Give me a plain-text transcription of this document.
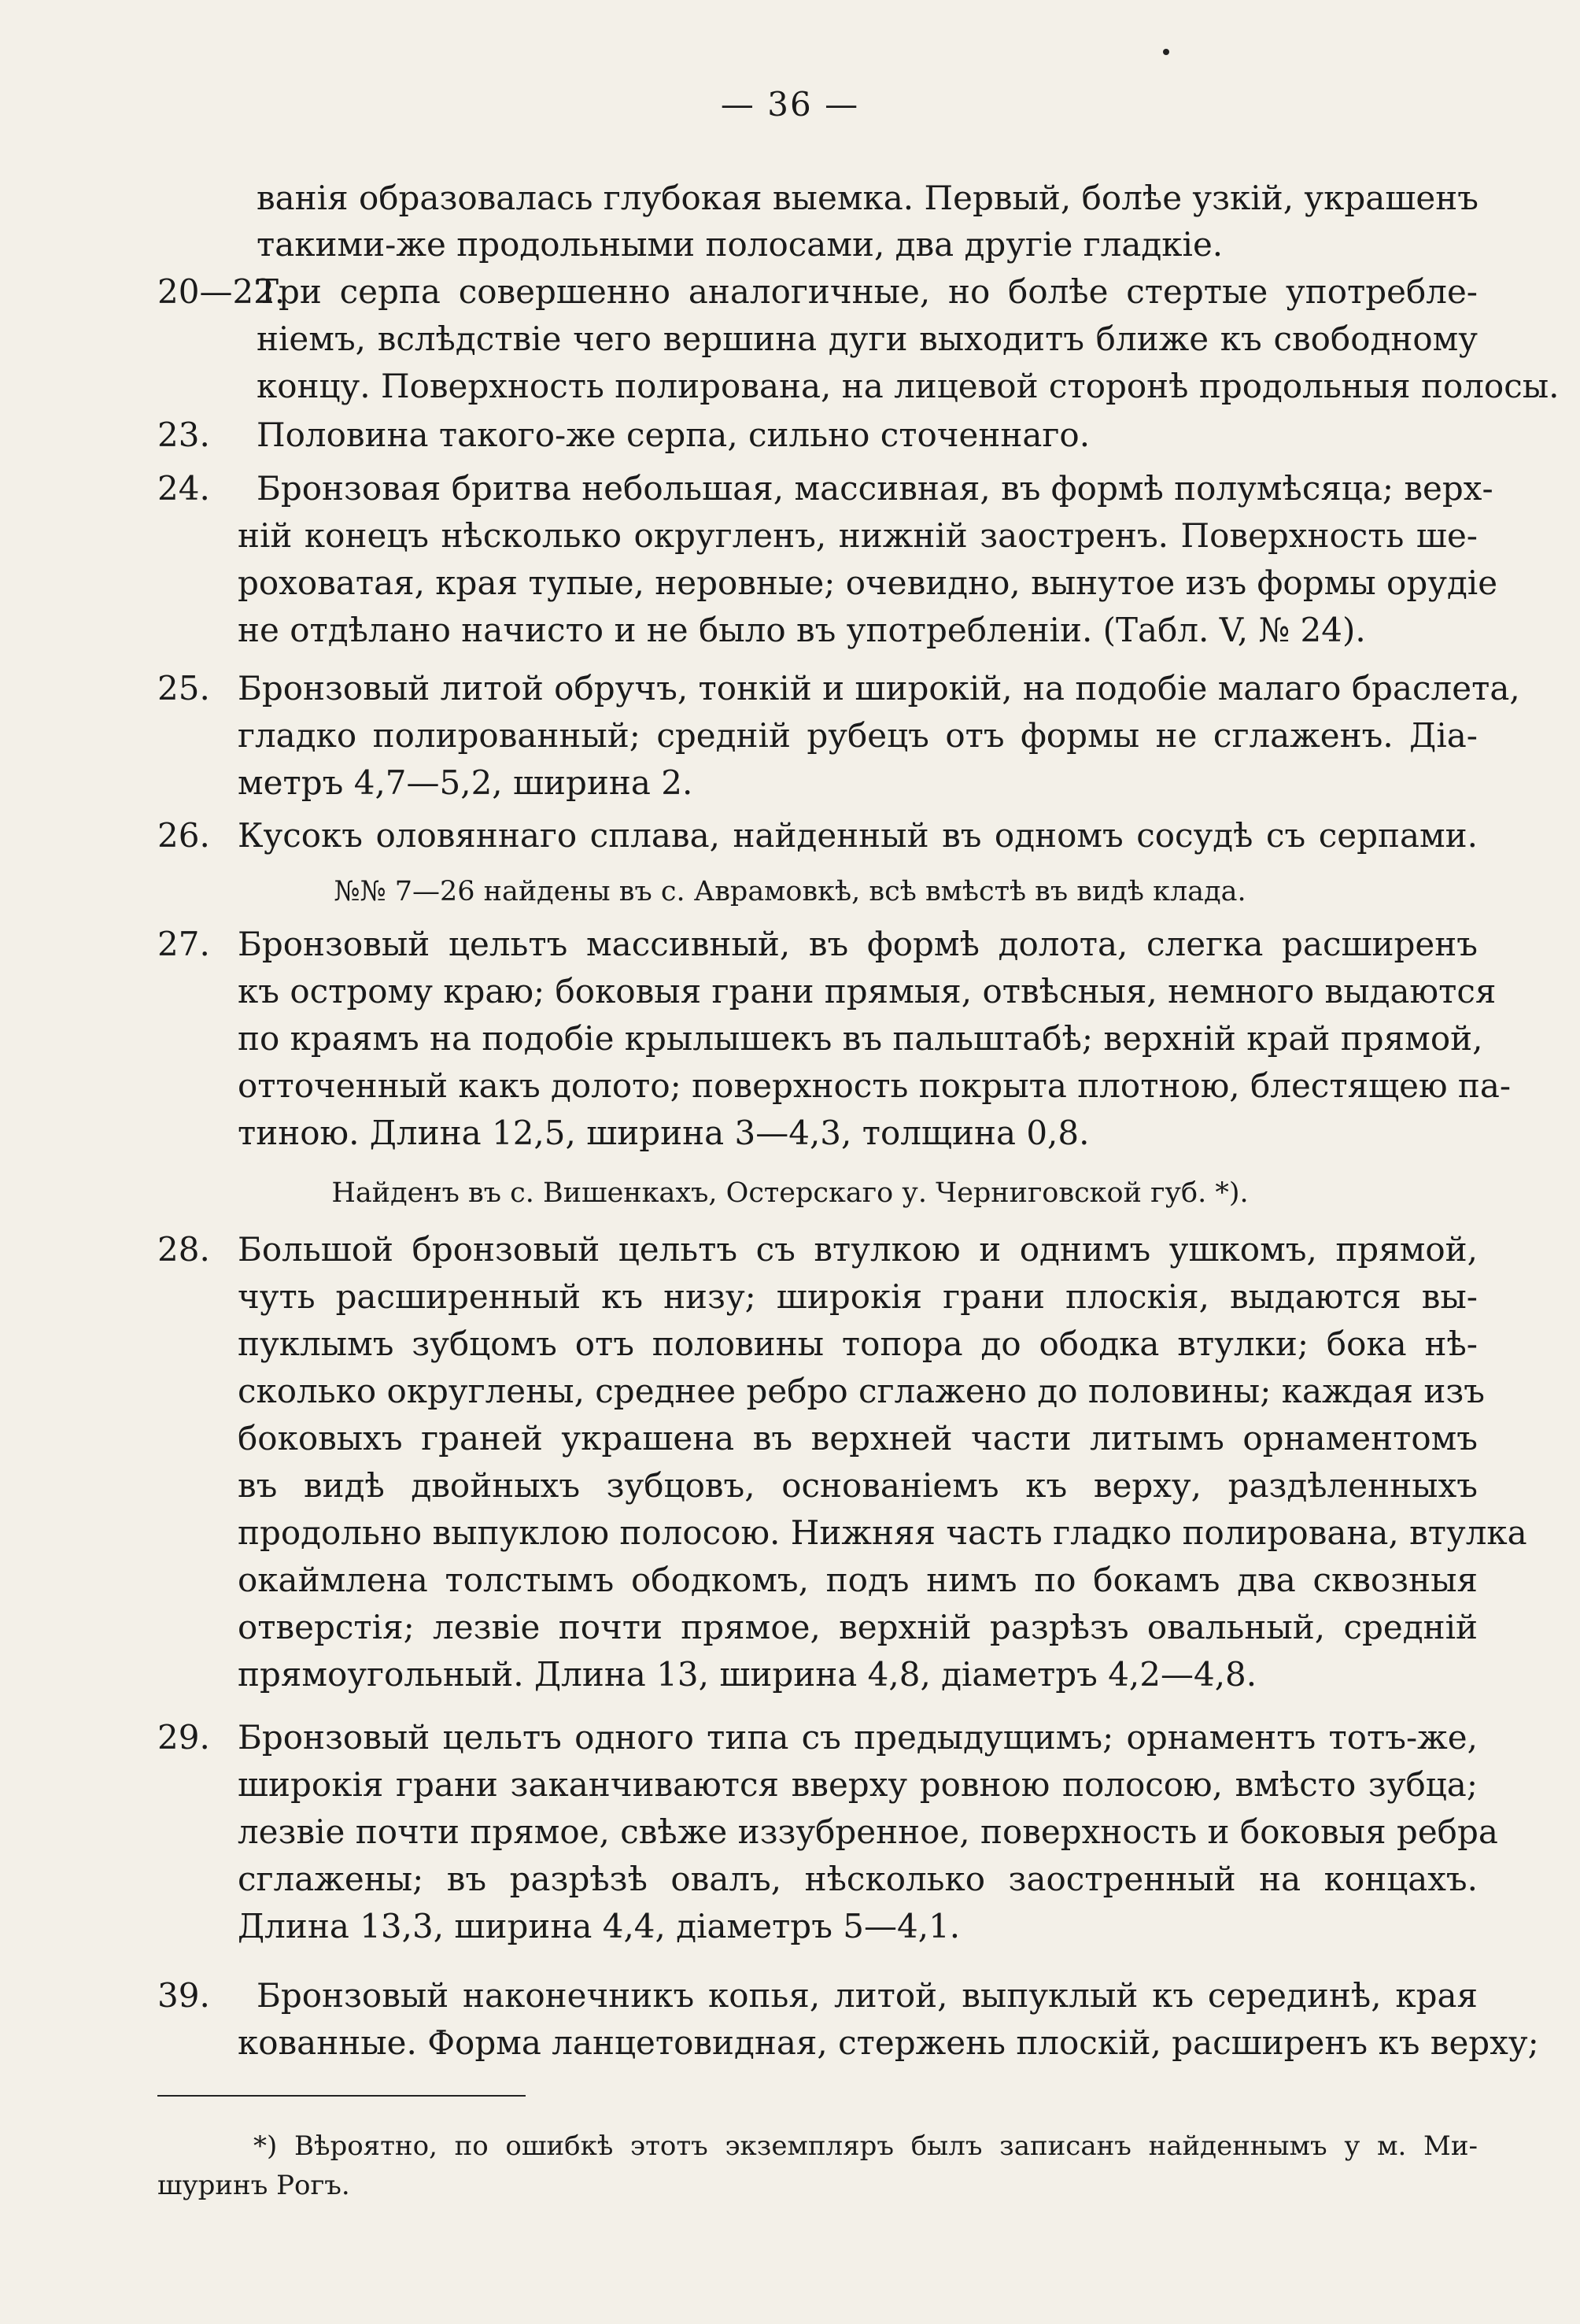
— 36 —
ванія образовалась глубокая выемка. Первый, болѣе узкій, украшенъ
такими-же продольными полосами, два другіе гладкіе.
20—22.
Три серпа совершенно аналогичные, но болѣе стертые употребле-
ніемъ, вслѣдствіе чего вершина дуги выходитъ ближе къ свободному
концу. Поверхность полирована, на лицевой сторонѣ продольныя полосы.
23. Половина такого-же серпа, сильно сточеннаго.
24. Бронзовая бритва небольшая, массивная, въ формѣ полумѣсяца; верх-
ній конецъ нѣсколько округленъ, нижній заостренъ. Поверхность ше-
роховатая, края тупые, неровные; очевидно, вынутое изъ формы орудіе
не отдѣлано начисто и не было въ употребленіи. (Табл. V, № 24).
25. Бронзовый литой обручъ, тонкій и широкій, на подобіе малаго браслета,
гладко полированный; средній рубецъ отъ формы не сглаженъ. Діа-
метръ 4,7—5,2, ширина 2.
26. Кусокъ оловяннаго сплава, найденный въ одномъ сосудѣ съ серпами.
№№ 7—26 найдены въ с. Аврамовкѣ, всѣ вмѣстѣ въ видѣ клада.
27. Бронзовый цельтъ массивный, въ формѣ долота, слегка расширенъ
къ острому краю; боковыя грани прямыя, отвѣсныя, немного выдаются
по краямъ на подобіе крылышекъ въ пальштабѣ; верхній край прямой,
отточенный какъ долото; поверхность покрыта плотною, блестящею па-
тиною. Длина 12,5, ширина 3—4,3, толщина 0,8.
Найденъ въ с. Вишенкахъ, Остерскаго у. Черниговской губ. *).
28. Большой бронзовый цельтъ съ втулкою и однимъ ушкомъ, прямой,
чуть расширенный къ низу; широкія грани плоскія, выдаются вы-
пуклымъ зубцомъ отъ половины топора до ободка втулки; бока нѣ-
сколько округлены, среднее ребро сглажено до половины; каждая изъ
боковыхъ граней украшена въ верхней части литымъ орнаментомъ
въ видѣ двойныхъ зубцовъ, основаніемъ къ верху, раздѣленныхъ
продольно выпуклою полосою. Нижняя часть гладко полирована, втулка
окаймлена толстымъ ободкомъ, подъ нимъ по бокамъ два сквозныя
отверстія; лезвіе почти прямое, верхній разрѣзъ овальный, средній
прямоугольный. Длина 13, ширина 4,8, діаметръ 4,2—4,8.
29. Бронзовый цельтъ одного типа съ предыдущимъ; орнаментъ тотъ-же,
широкія грани заканчиваются вверху ровною полосою, вмѣсто зубца;
лезвіе почти прямое, свѣже иззубренное, поверхность и боковыя ребра
сглажены; въ разрѣзѣ овалъ, нѣсколько заостренный на концахъ.
Длина 13,3, ширина 4,4, діаметръ 5—4,1.
39. Бронзовый наконечникъ копья, литой, выпуклый къ серединѣ, края
кованные. Форма ланцетовидная, стержень плоскій, расширенъ къ верху;
*) Вѣроятно, по ошибкѣ этотъ экземпляръ былъ записанъ найденнымъ у м. Ми-
шуринъ Рогъ.
